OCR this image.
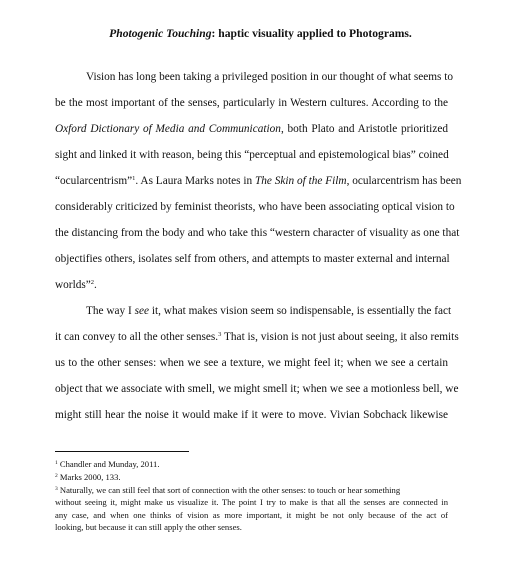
Photogenic Touching: haptic visuality applied to Photograms.
Vision has long been taking a privileged position in our thought of what seems to
be the most important of the senses, particularly in Western cultures. According to the
Oxford Dictionary of Media and Communication, both Plato and Aristotle prioritized
sight and linked it with reason, being this “perceptual and epistemological bias” coined
“ocularcentrism”$^1$. As Laura Marks notes in The Skin of the Film, ocularcentrism has been
considerably criticized by feminist theorists, who have been associating optical vision to
the distancing from the body and who take this “western character of visuality as one that
objectifies others, isolates self from others, and attempts to master external and internal
worlds”$^2$.
The way I see it, what makes vision seem so indispensable, is essentially the fact
it can convey to all the other senses.$^3$ That is, vision is not just about seeing, it also remits
us to the other senses: when we see a texture, we might feel it; when we see a certain
object that we associate with smell, we might smell it; when we see a motionless bell, we
might still hear the noise it would make if it were to move. Vivian Sobchack likewise
$^1$ Chandler and Munday, 2011.
$^2$ Marks 2000, 133.
$^3$ Naturally, we can still feel that sort of connection with the other senses: to touch or hear something
without seeing it, might make us visualize it. The point I try to make is that all the senses are connected in
any case, and when one thinks of vision as more important, it might be not only because of the act of
looking, but because it can still apply the other senses.
